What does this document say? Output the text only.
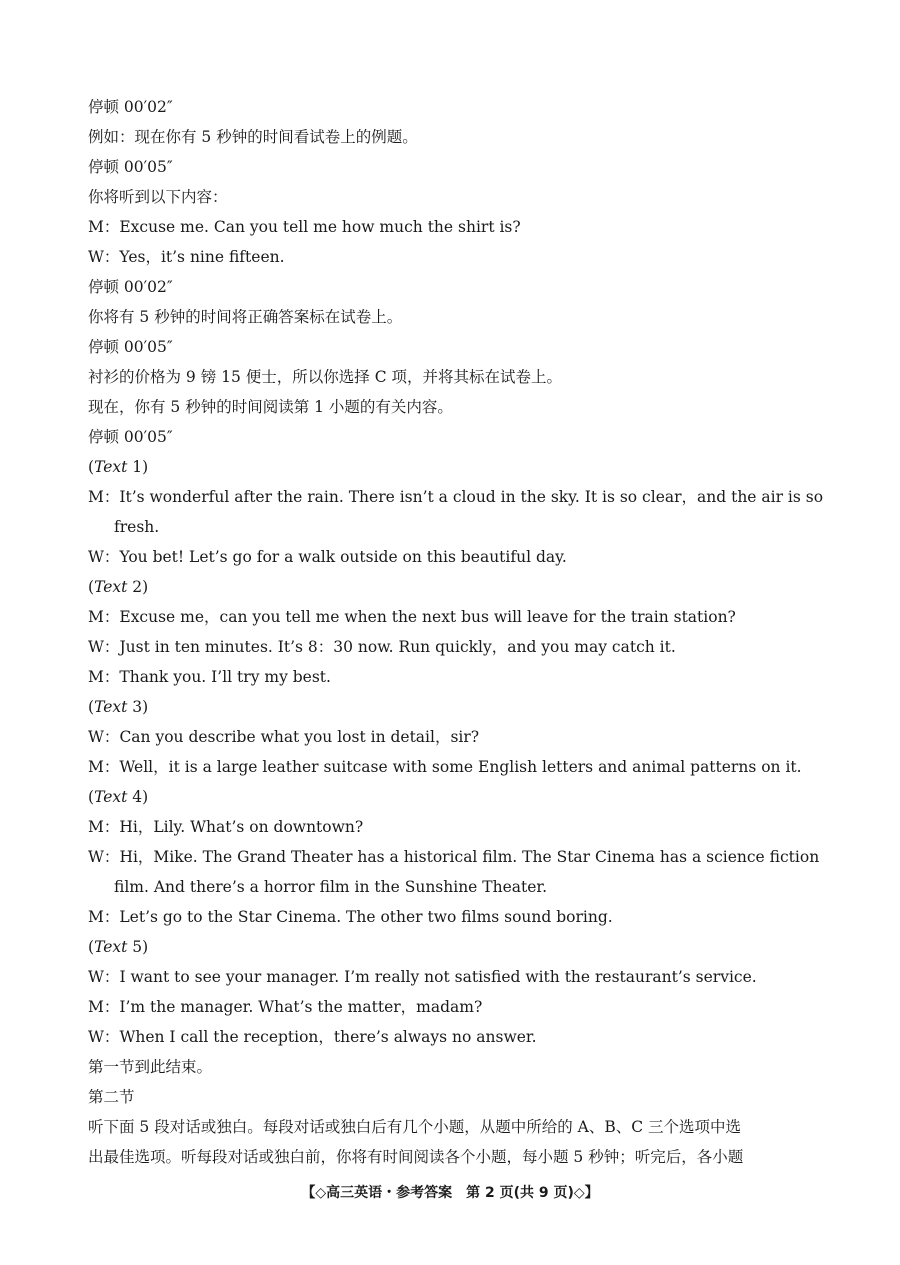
停顿 00′02″
例如：现在你有 5 秒钟的时间看试卷上的例题。
停顿 00′05″
你将听到以下内容：
M：Excuse me. Can you tell me how much the shirt is?
W：Yes，it’s nine fifteen.
停顿 00′02″
你将有 5 秒钟的时间将正确答案标在试卷上。
停顿 00′05″
衬衫的价格为 9 镑 15 便士，所以你选择 C 项，并将其标在试卷上。
现在，你有 5 秒钟的时间阅读第 1 小题的有关内容。
停顿 00′05″
(Text 1)
M：It’s wonderful after the rain. There isn’t a cloud in the sky. It is so clear，and the air is so
fresh.
W：You bet! Let’s go for a walk outside on this beautiful day.
(Text 2)
M：Excuse me，can you tell me when the next bus will leave for the train station?
W：Just in ten minutes. It’s 8：30 now. Run quickly，and you may catch it.
M：Thank you. I’ll try my best.
(Text 3)
W：Can you describe what you lost in detail，sir?
M：Well，it is a large leather suitcase with some English letters and animal patterns on it.
(Text 4)
M：Hi，Lily. What’s on downtown?
W：Hi，Mike. The Grand Theater has a historical film. The Star Cinema has a science fiction
film. And there’s a horror film in the Sunshine Theater.
M：Let’s go to the Star Cinema. The other two films sound boring.
(Text 5)
W：I want to see your manager. I’m really not satisfied with the restaurant’s service.
M：I’m the manager. What’s the matter，madam?
W：When I call the reception，there’s always no answer.
第一节到此结束。
第二节
听下面 5 段对话或独白。每段对话或独白后有几个小题，从题中所给的 A、B、C 三个选项中选
出最佳选项。听每段对话或独白前，你将有时间阅读各个小题，每小题 5 秒钟；听完后，各小题
【◇高三英语・参考答案　第 2 页(共 9 页)◇】
